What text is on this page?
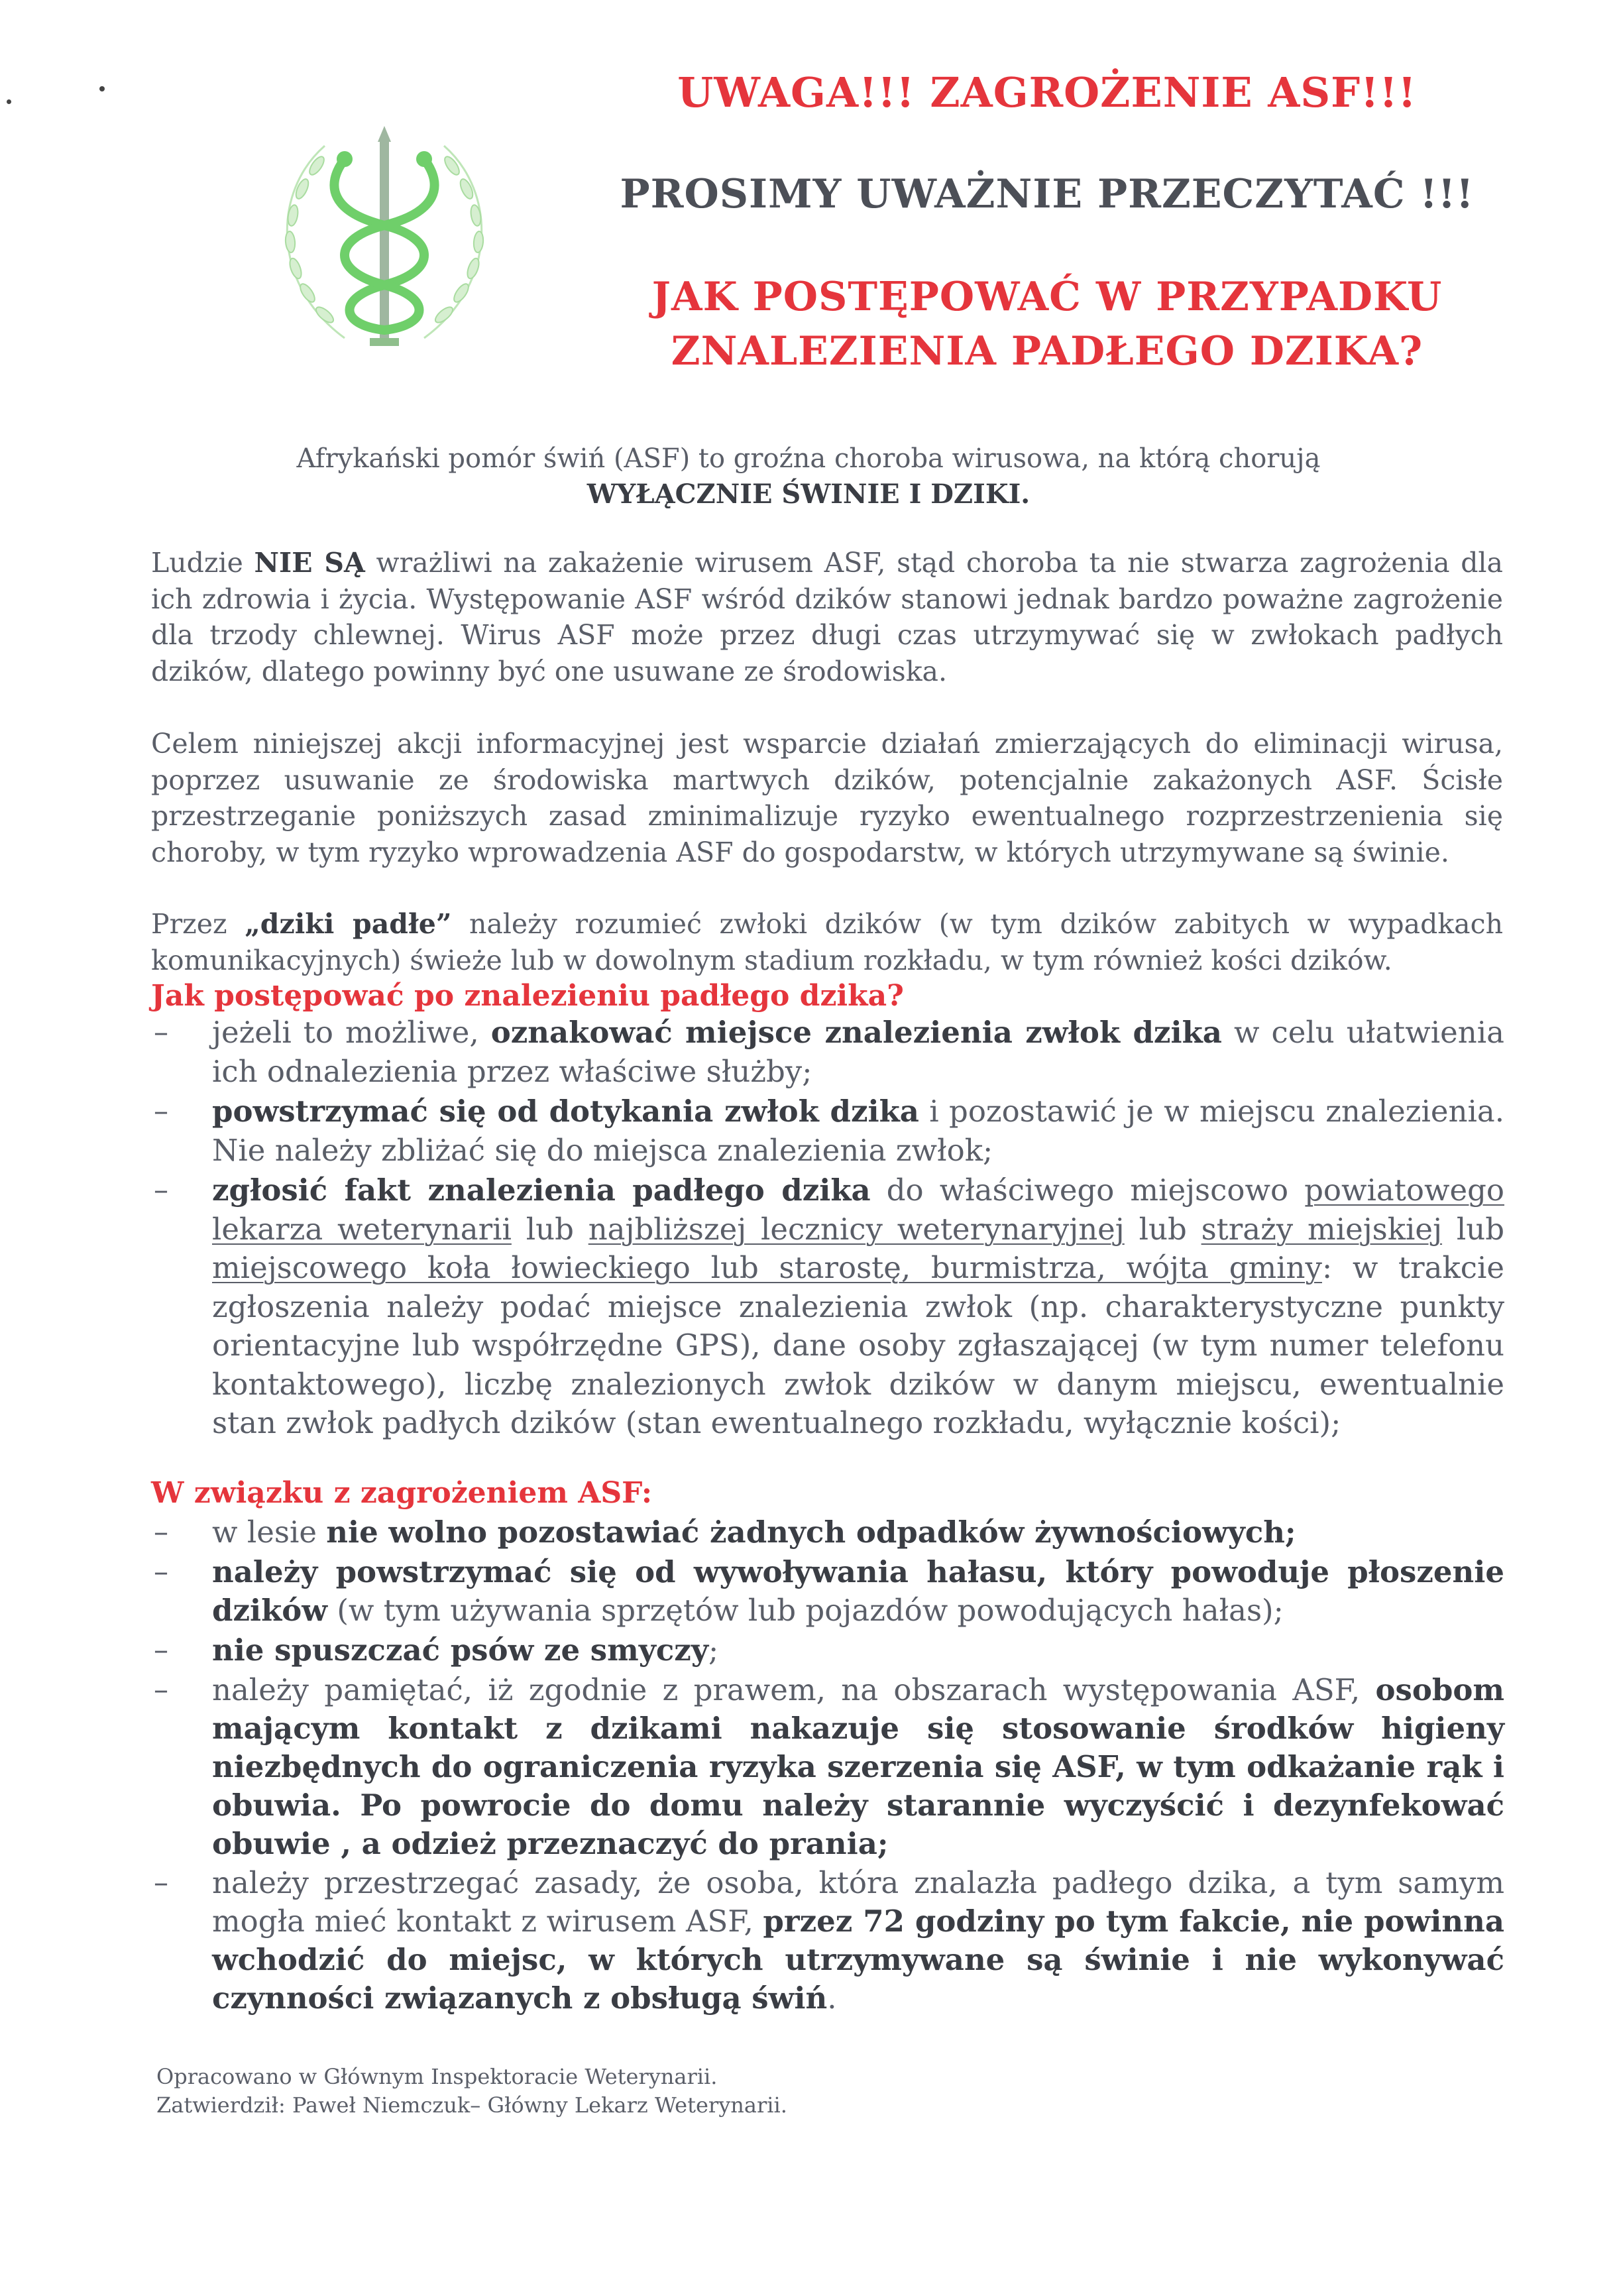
UWAGA!!! ZAGROŻENIE ASF!!!
PROSIMY UWAŻNIE PRZECZYTAĆ !!!
JAK POSTĘPOWAĆ W PRZYPADKU
ZNALEZIENIA PADŁEGO DZIKA?
Afrykański pomór świń (ASF) to groźna choroba wirusowa, na którą chorują
WYŁĄCZNIE ŚWINIE I DZIKI.
Ludzie NIE SĄ wrażliwi na zakażenie wirusem ASF, stąd choroba ta nie stwarza zagrożenia dla ich zdrowia i życia. Występowanie ASF wśród dzików stanowi jednak bardzo poważne zagrożenie dla trzody chlewnej. Wirus ASF może przez długi czas utrzymywać się w zwłokach padłych dzików, dlatego powinny być one usuwane ze środowiska.
Celem niniejszej akcji informacyjnej jest wsparcie działań zmierzających do eliminacji wirusa, poprzez usuwanie ze środowiska martwych dzików, potencjalnie zakażonych ASF. Ścisłe przestrzeganie poniższych zasad zminimalizuje ryzyko ewentualnego rozprzestrzenienia się choroby, w tym ryzyko wprowadzenia ASF do gospodarstw, w których utrzymywane są świnie.
Przez „dziki padłe” należy rozumieć zwłoki dzików (w tym dzików zabitych w wypadkach komunikacyjnych) świeże lub w dowolnym stadium rozkładu, w tym również kości dzików.
Jak postępować po znalezieniu padłego dzika?
– jeżeli to możliwe, oznakować miejsce znalezienia zwłok dzika w celu ułatwienia ich odnalezienia przez właściwe służby;
– powstrzymać się od dotykania zwłok dzika i pozostawić je w miejscu znalezienia. Nie należy zbliżać się do miejsca znalezienia zwłok;
– zgłosić fakt znalezienia padłego dzika do właściwego miejscowo powiatowego lekarza weterynarii lub najbliższej lecznicy weterynaryjnej lub straży miejskiej lub miejscowego koła łowieckiego lub starostę, burmistrza, wójta gminy: w trakcie zgłoszenia należy podać miejsce znalezienia zwłok (np. charakterystyczne punkty orientacyjne lub współrzędne GPS), dane osoby zgłaszającej (w tym numer telefonu kontaktowego), liczbę znalezionych zwłok dzików w danym miejscu, ewentualnie stan zwłok padłych dzików (stan ewentualnego rozkładu, wyłącznie kości);
W związku z zagrożeniem ASF:
– w lesie nie wolno pozostawiać żadnych odpadków żywnościowych;
– należy powstrzymać się od wywoływania hałasu, który powoduje płoszenie dzików (w tym używania sprzętów lub pojazdów powodujących hałas);
– nie spuszczać psów ze smyczy;
– należy pamiętać, iż zgodnie z prawem, na obszarach występowania ASF, osobom mającym kontakt z dzikami nakazuje się stosowanie środków higieny niezbędnych do ograniczenia ryzyka szerzenia się ASF, w tym odkażanie rąk i obuwia. Po powrocie do domu należy starannie wyczyścić i dezynfekować obuwie , a odzież przeznaczyć do prania;
– należy przestrzegać zasady, że osoba, która znalazła padłego dzika, a tym samym mogła mieć kontakt z wirusem ASF, przez 72 godziny po tym fakcie, nie powinna wchodzić do miejsc, w których utrzymywane są świnie i nie wykonywać czynności związanych z obsługą świń.
Opracowano w Głównym Inspektoracie Weterynarii.
Zatwierdził: Paweł Niemczuk– Główny Lekarz Weterynarii.
